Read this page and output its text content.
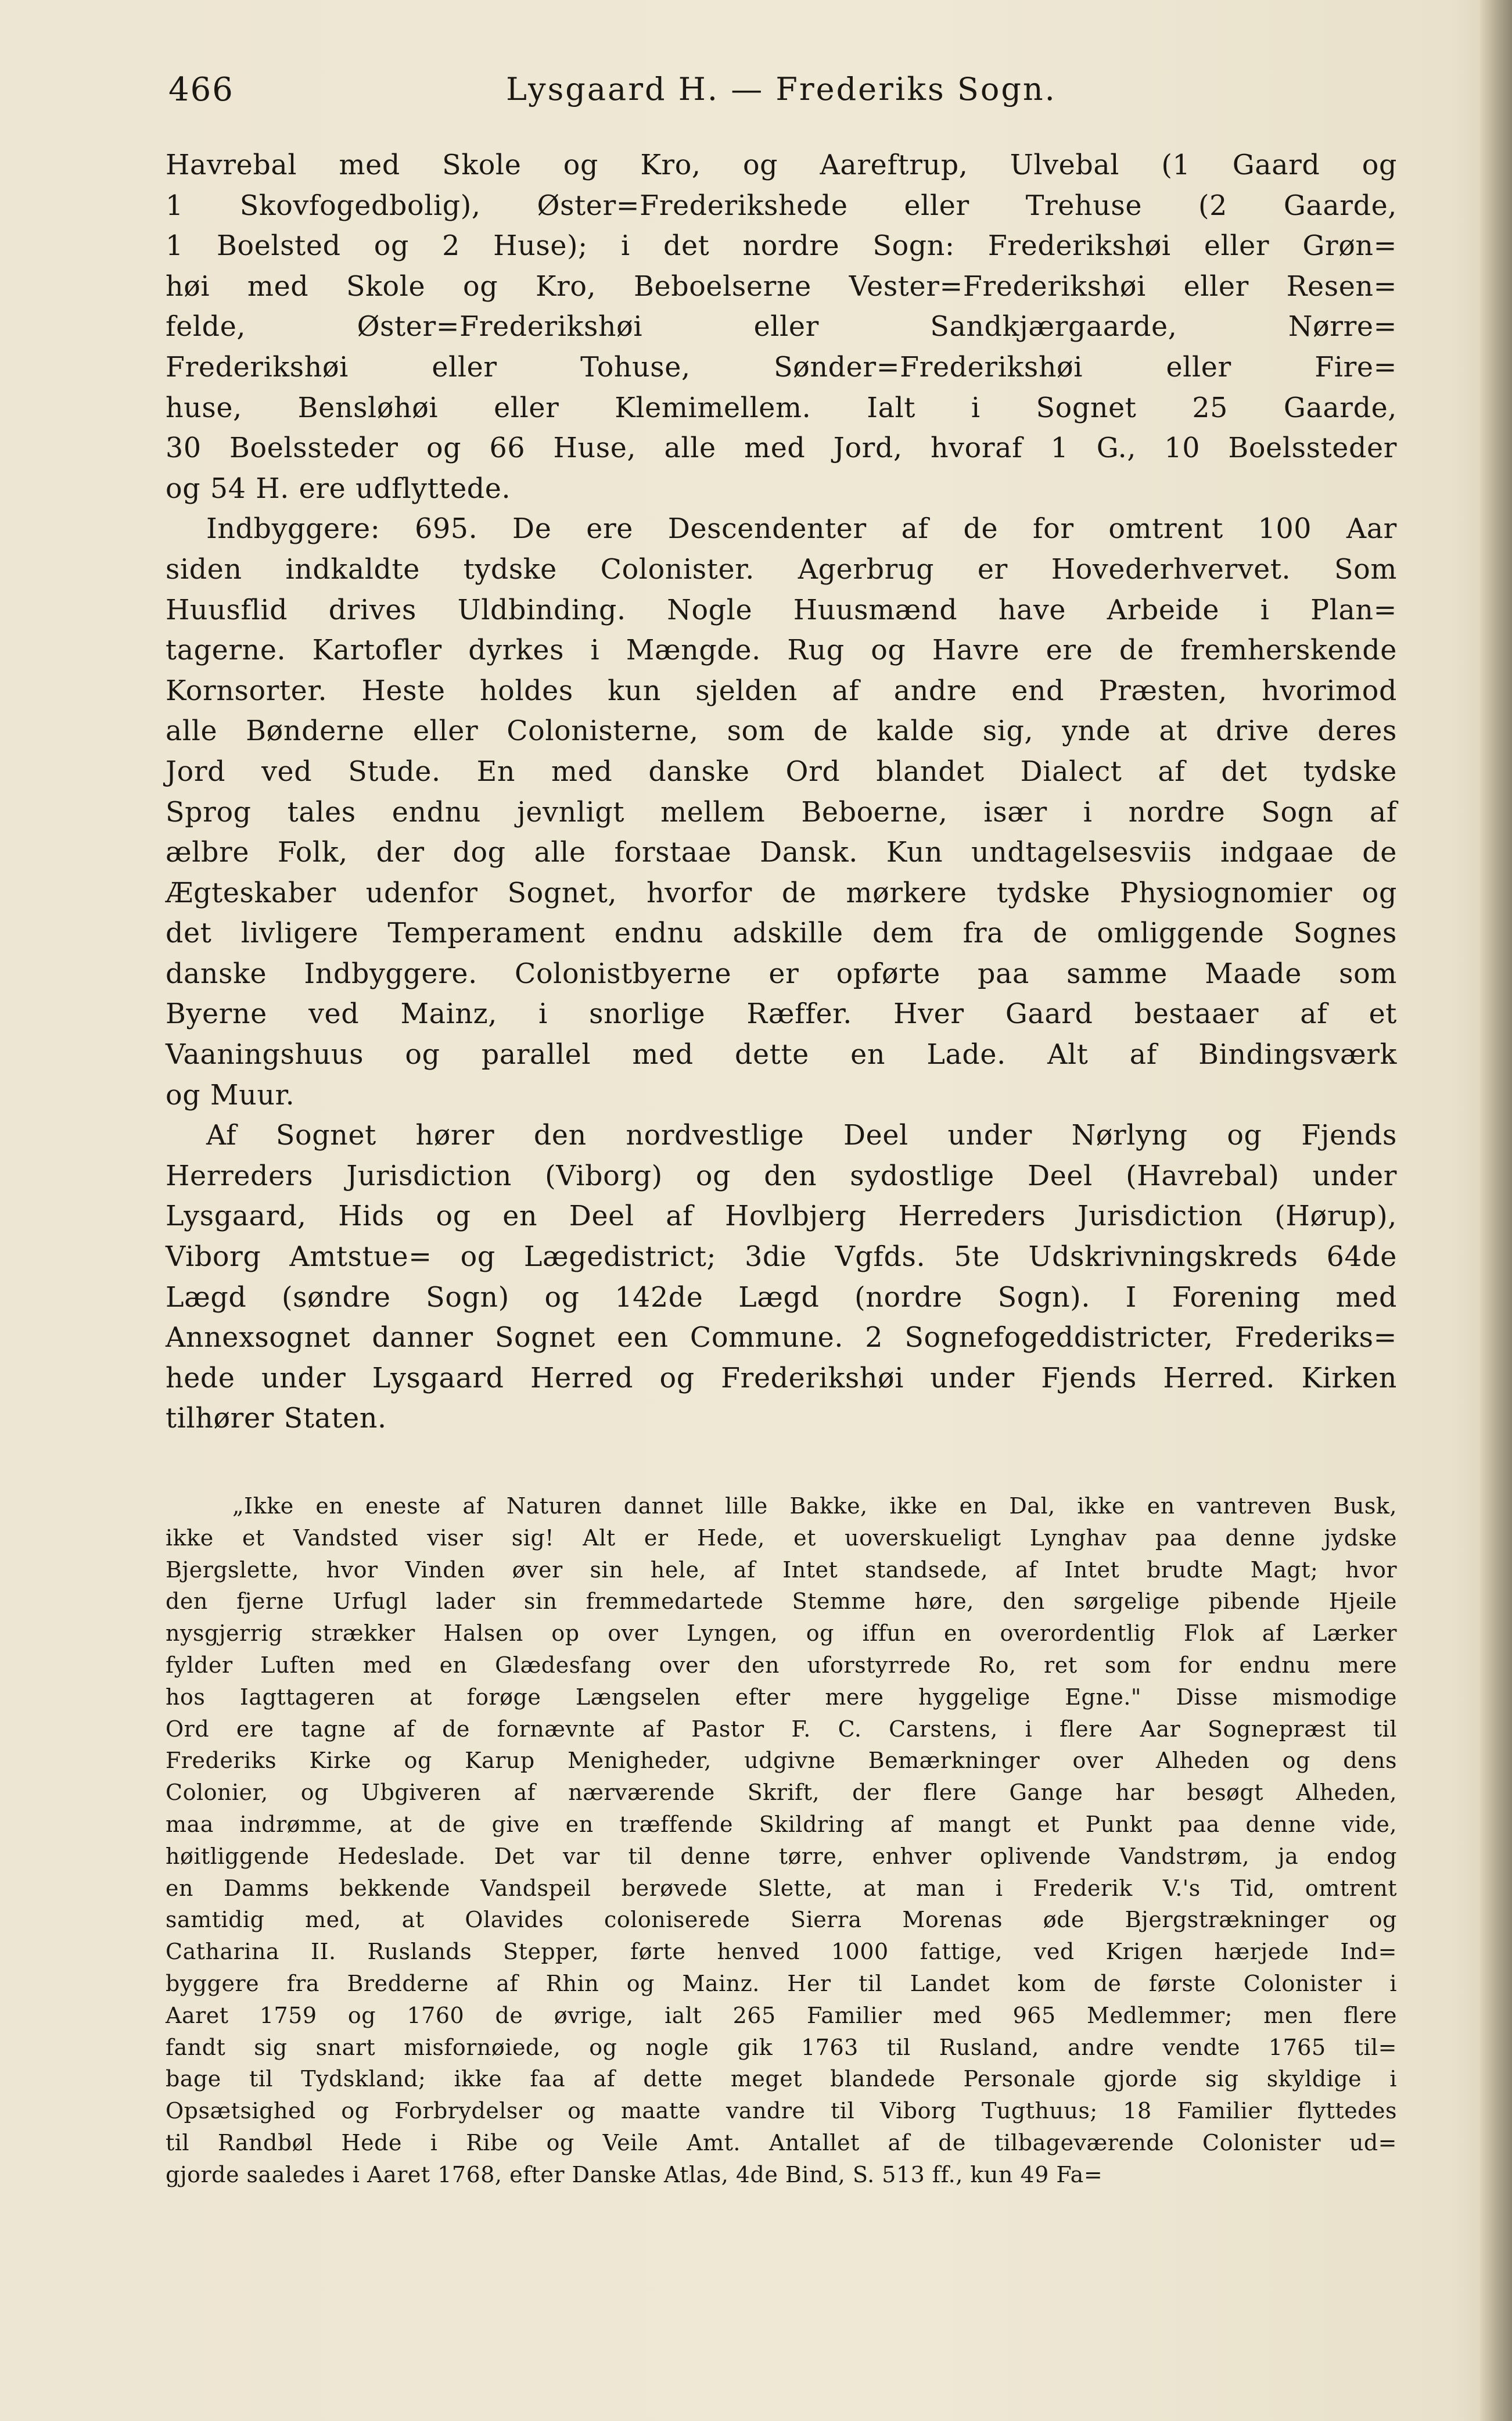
466	Lysgaard H. — Frederiks Sogn.
Havrebal med Skole og Kro, og Aareftrup, Ulvebal (1 Gaard og
1 Skovfogedbolig), Øster=Frederikshede eller Trehuse (2 Gaarde,
1 Boelsted og 2 Huse); i det nordre Sogn: Frederikshøi eller Grøn=
høi med Skole og Kro, Beboelserne Vester=Frederikshøi eller Resen=
felde, Øster=Frederikshøi eller Sandkjærgaarde, Nørre=
Frederikshøi eller Tohuse, Sønder=Frederikshøi eller Fire=
huse, Bensløhøi eller Klemimellem. Ialt i Sognet 25 Gaarde,
30 Boelssteder og 66 Huse, alle med Jord, hvoraf 1 G., 10 Boelssteder
og 54 H. ere udflyttede.
Indbyggere: 695. De ere Descendenter af de for omtrent 100 Aar
siden indkaldte tydske Colonister. Agerbrug er Hovederhvervet. Som
Huusflid drives Uldbinding. Nogle Huusmænd have Arbeide i Plan=
tagerne. Kartofler dyrkes i Mængde. Rug og Havre ere de fremherskende
Kornsorter. Heste holdes kun sjelden af andre end Præsten, hvorimod
alle Bønderne eller Colonisterne, som de kalde sig, ynde at drive deres
Jord ved Stude. En med danske Ord blandet Dialect af det tydske
Sprog tales endnu jevnligt mellem Beboerne, især i nordre Sogn af
ælbre Folk, der dog alle forstaae Dansk. Kun undtagelsesviis indgaae de
Ægteskaber udenfor Sognet, hvorfor de mørkere tydske Physiognomier og
det livligere Temperament endnu adskille dem fra de omliggende Sognes
danske Indbyggere. Colonistbyerne er opførte paa samme Maade som
Byerne ved Mainz, i snorlige Ræffer. Hver Gaard bestaaer af et
Vaaningshuus og parallel med dette en Lade. Alt af Bindingsværk
og Muur.
Af Sognet hører den nordvestlige Deel under Nørlyng og Fjends
Herreders Jurisdiction (Viborg) og den sydostlige Deel (Havrebal) under
Lysgaard, Hids og en Deel af Hovlbjerg Herreders Jurisdiction (Hørup),
Viborg Amtstue= og Lægedistrict; 3die Vgfds. 5te Udskrivningskreds 64de
Lægd (søndre Sogn) og 142de Lægd (nordre Sogn). I Forening med
Annexsognet danner Sognet een Commune. 2 Sognefogeddistricter, Frederiks=
hede under Lysgaard Herred og Frederikshøi under Fjends Herred. Kirken
tilhører Staten.
„Ikke en eneste af Naturen dannet lille Bakke, ikke en Dal, ikke en vantreven Busk,
ikke et Vandsted viser sig! Alt er Hede, et uoverskueligt Lynghav paa denne jydske
Bjergslette, hvor Vinden øver sin hele, af Intet standsede, af Intet brudte Magt; hvor
den fjerne Urfugl lader sin fremmedartede Stemme høre, den sørgelige pibende Hjeile
nysgjerrig strækker Halsen op over Lyngen, og iffun en overordentlig Flok af Lærker
fylder Luften med en Glædesfang over den uforstyrrede Ro, ret som for endnu mere
hos Iagttageren at forøge Længselen efter mere hyggelige Egne." Disse mismodige
Ord ere tagne af de fornævnte af Pastor F. C. Carstens, i flere Aar Sognepræst til
Frederiks Kirke og Karup Menigheder, udgivne Bemærkninger over Alheden og dens
Colonier, og Ubgiveren af nærværende Skrift, der flere Gange har besøgt Alheden,
maa indrømme, at de give en træffende Skildring af mangt et Punkt paa denne vide,
høitliggende Hedeslade. Det var til denne tørre, enhver oplivende Vandstrøm, ja endog
en Damms bekkende Vandspeil berøvede Slette, at man i Frederik V.'s Tid, omtrent
samtidig med, at Olavides coloniserede Sierra Morenas øde Bjergstrækninger og
Catharina II. Ruslands Stepper, førte henved 1000 fattige, ved Krigen hærjede Ind=
byggere fra Bredderne af Rhin og Mainz. Her til Landet kom de første Colonister i
Aaret 1759 og 1760 de øvrige, ialt 265 Familier med 965 Medlemmer; men flere
fandt sig snart misfornøiede, og nogle gik 1763 til Rusland, andre vendte 1765 til=
bage til Tydskland; ikke faa af dette meget blandede Personale gjorde sig skyldige i
Opsætsighed og Forbrydelser og maatte vandre til Viborg Tugthuus; 18 Familier flyttedes
til Randbøl Hede i Ribe og Veile Amt. Antallet af de tilbageværende Colonister ud=
gjorde saaledes i Aaret 1768, efter Danske Atlas, 4de Bind, S. 513 ff., kun 49 Fa=
